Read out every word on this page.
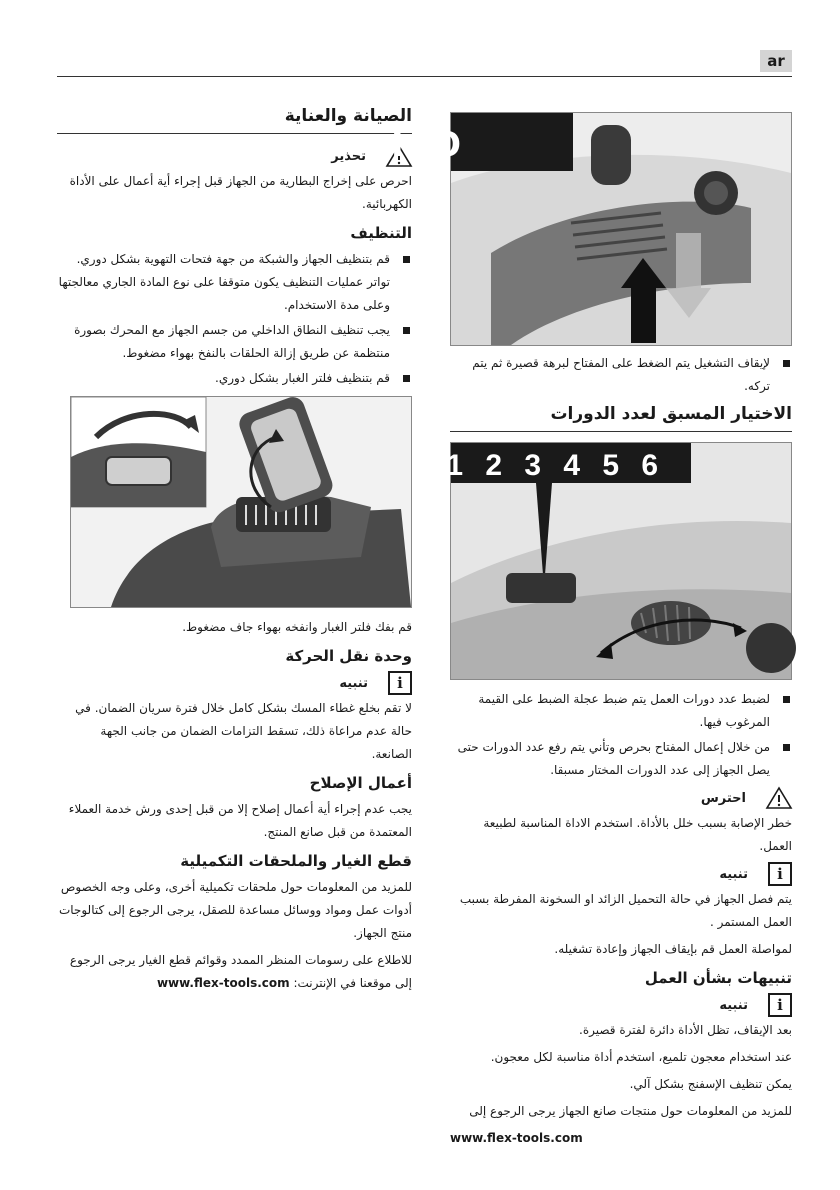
ar
الصيانة والعناية
تحذير

احرص على إخراج البطارية من الجهاز قبل إجراء أية أعمال على الأداة الكهربائية.

التنظيف
قم بتنظيف الجهاز والشبكة من جهة فتحات التهوية بشكل دوري. تواتر عمليات التنظيف يكون متوقفا على نوع المادة الجاري معالجتها وعلى مدة الاستخدام.
يجب تنظيف النطاق الداخلي من جسم الجهاز مع المحرك بصورة منتظمة عن طريق إزالة الحلقات بالنفخ بهواء مضغوط.
قم بتنظيف فلتر الغبار بشكل دوري.

قم بفك فلتر الغبار وانفخه بهواء جاف مضغوط.

وحدة نقل الحركة
i
تنبيه

لا تقم بخلع غطاء المسك بشكل كامل خلال فترة سريان الضمان. في حالة عدم مراعاة ذلك، تسقط التزامات الضمان من جانب الجهة الصانعة.

أعمال الإصلاح

يجب عدم إجراء أية أعمال إصلاح إلا من قبل إحدى ورش خدمة العملاء المعتمدة من قبل صانع المنتج.

قطع الغيار والملحقات التكميلية

للمزيد من المعلومات حول ملحقات تكميلية أخرى، وعلى وجه الخصوص أدوات عمل ومواد ووسائل مساعدة للصقل، يرجى الرجوع إلى كتالوجات منتج الجهاز.

للاطلاع على رسومات المنظر الممدد وقوائم قطع الغيار يرجى الرجوع إلى موقعنا في الإنترنت: www.flex-tools.com

I➔O
لإيقاف التشغيل يتم الضغط على المفتاح لبرهة قصيرة ثم يتم تركه.
الاختيار المسبق لعدد الدورات
1 2 3 4 5 6
لضبط عدد دورات العمل يتم ضبط عجلة الضبط على القيمة المرغوب فيها.
من خلال إعمال المفتاح بحرص وتأني يتم رفع عدد الدورات حتى يصل الجهاز إلى عدد الدورات المختار مسبقا.
احترس

خطر الإصابة بسبب خلل بالأداة. استخدم الاداة المناسبة لطبيعة العمل.

i
تنبيه

يتم فصل الجهاز في حالة التحميل الزائد او السخونة المفرطة بسبب العمل المستمر .

لمواصلة العمل قم بإيقاف الجهاز وإعادة تشغيله.

تنبيهات بشأن العمل
i
تنبيه

بعد الإيقاف، تظل الأداة دائرة لفترة قصيرة.

عند استخدام معجون تلميع، استخدم أداة مناسبة لكل معجون.

يمكن تنظيف الإسفنج بشكل آلي.

للمزيد من المعلومات حول منتجات صانع الجهاز يرجى الرجوع إلى

www.flex-tools.com
